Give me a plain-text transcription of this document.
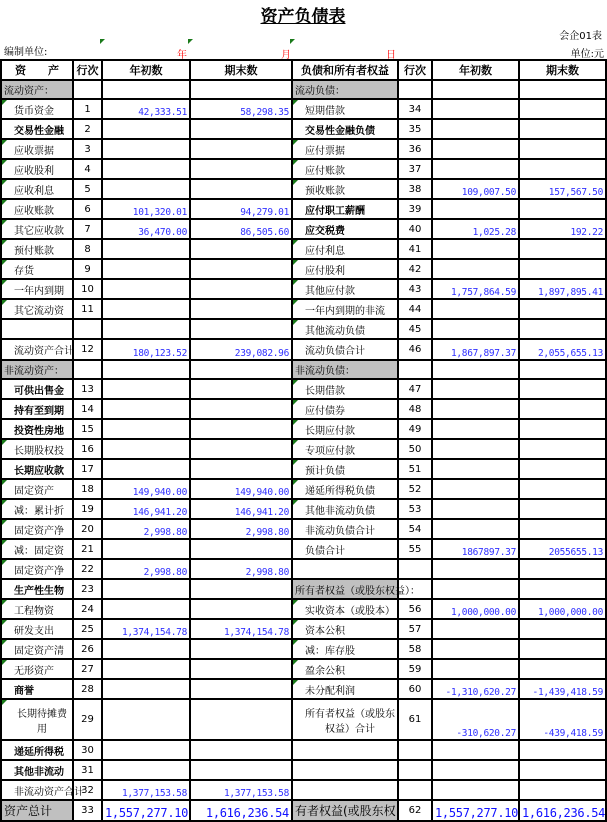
资产负债表
会企01表
编制单位:	年	月	日	单位:元
资　　产	行次	年初数	期末数	负债和所有者权益	行次	年初数	期末数
流动资产：				流动负债：			
货币资金	1	42,333.51	58,298.35	短期借款	34		
交易性金融	2			交易性金融负债	35		
应收票据	3			应付票据	36		
应收股利	4			应付账款	37		
应收利息	5			预收账款	38	109,007.50	157,567.50
应收账款	6	101,320.01	94,279.01	应付职工薪酬	39		
其它应收款	7	36,470.00	86,505.60	应交税费	40	1,025.28	192.22
预付账款	8			应付利息	41		
存货	9			应付股利	42		
一年内到期	10			其他应付款	43	1,757,864.59	1,897,895.41
其它流动资	11			一年内到期的非流	44		
				其他流动负债	45		
流动资产合计	12	180,123.52	239,082.96	流动负债合计	46	1,867,897.37	2,055,655.13
非流动资产：				非流动负债：			
可供出售金	13			长期借款	47		
持有至到期	14			应付债券	48		
投资性房地	15			长期应付款	49		
长期股权投	16			专项应付款	50		
长期应收款	17			预计负债	51		
固定资产	18	149,940.00	149,940.00	递延所得税负债	52		
减：累计折	19	146,941.20	146,941.20	其他非流动负债	53		
固定资产净	20	2,998.80	2,998.80	非流动负债合计	54		
减：固定资	21			负债合计	55	1867897.37	2055655.13
固定资产净	22	2,998.80	2,998.80				
生产性生物	23			所有者权益（或股东权益）：			
工程物资	24			实收资本（或股本）	56	1,000,000.00	1,000,000.00
研发支出	25	1,374,154.78	1,374,154.78	资本公积	57		
固定资产清	26			减：库存股	58		
无形资产	27			盈余公积	59		
商誉	28			未分配利润	60	-1,310,620.27	-1,439,418.59
长期待摊费用	29			所有者权益（或股东权益）合计	61	-310,620.27	-439,418.59
递延所得税	30						
其他非流动	31						
非流动资产合计	32	1,377,153.58	1,377,153.58				
资产总计	33	1,557,277.10	1,616,236.54	有者权益(或股东权	62	1,557,277.10	1,616,236.54
